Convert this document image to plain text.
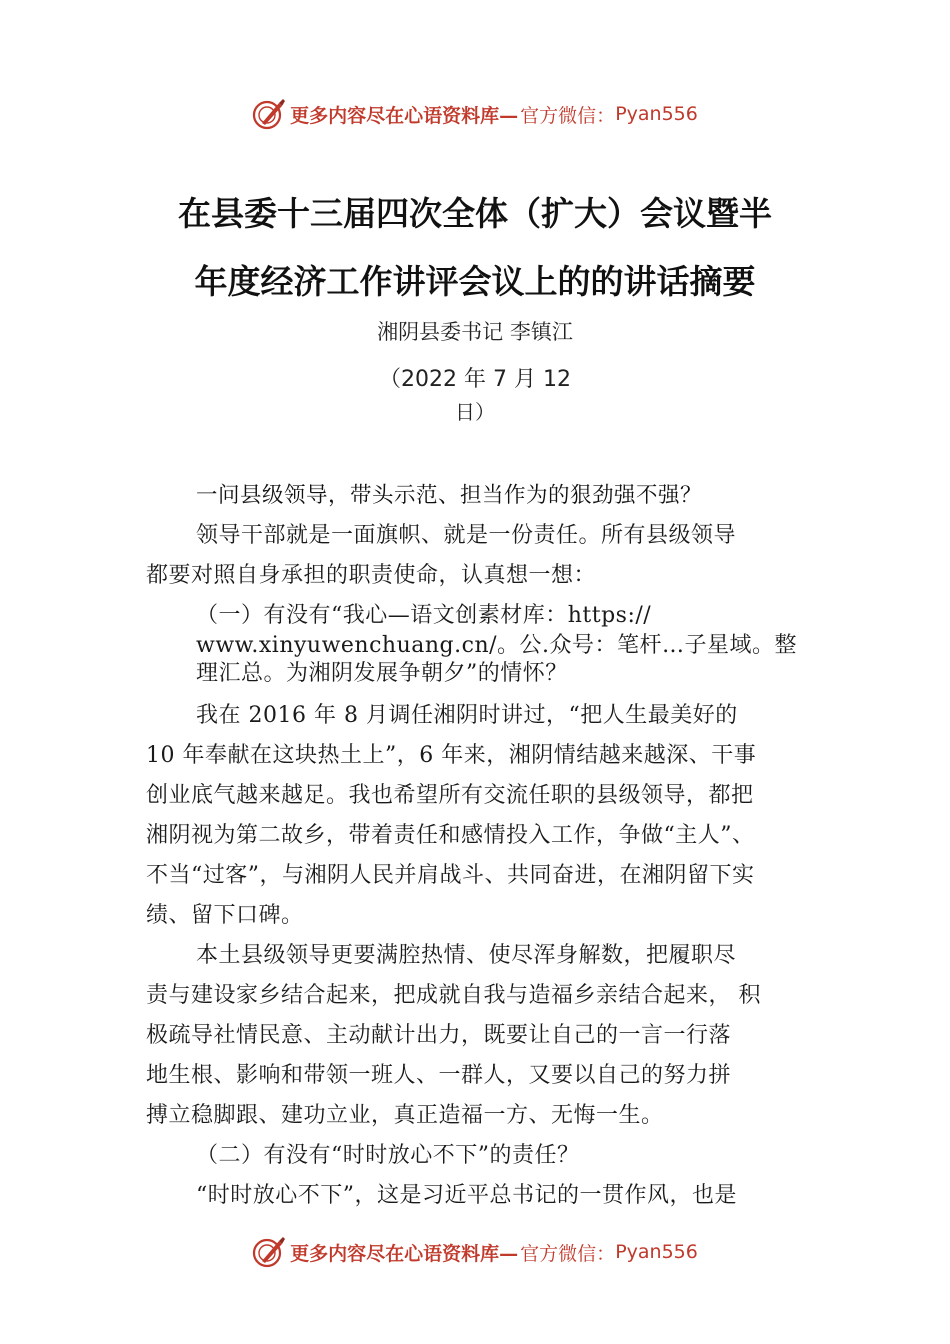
更多内容尽在心语资料库— 官方微信： Pyan556
在县委十三届四次全体（扩大）会议暨半
年度经济工作讲评会议上的的讲话摘要
湘阴县委书记 李镇江
（2022 年 7 月 12
日）
一问县级领导，带头示范、担当作为的狠劲强不强？
领导干部就是一面旗帜、就是一份责任。所有县级领导
都要对照自身承担的职责使命，认真想一想：
（一）有没有“我心—语文创素材库：https://
www.xinyuwenchuang.cn/。公.众号：笔杆…子星域。整
理汇总。为湘阴发展争朝夕”的情怀？
我在 2016 年 8 月调任湘阴时讲过，“把人生最美好的
10 年奉献在这块热土上”，6 年来，湘阴情结越来越深、干事
创业底气越来越足。我也希望所有交流任职的县级领导，都把
湘阴视为第二故乡，带着责任和感情投入工作，争做“主人”、
不当“过客”，与湘阴人民并肩战斗、共同奋进，在湘阴留下实
绩、留下口碑。
本土县级领导更要满腔热情、使尽浑身解数，把履职尽
责与建设家乡结合起来，把成就自我与造福乡亲结合起来， 积
极疏导社情民意、主动献计出力，既要让自己的一言一行落
地生根、影响和带领一班人、一群人，又要以自己的努力拼
搏立稳脚跟、建功立业，真正造福一方、无悔一生。
（二）有没有“时时放心不下”的责任？
“时时放心不下”，这是习近平总书记的一贯作风，也是
更多内容尽在心语资料库— 官方微信： Pyan556
